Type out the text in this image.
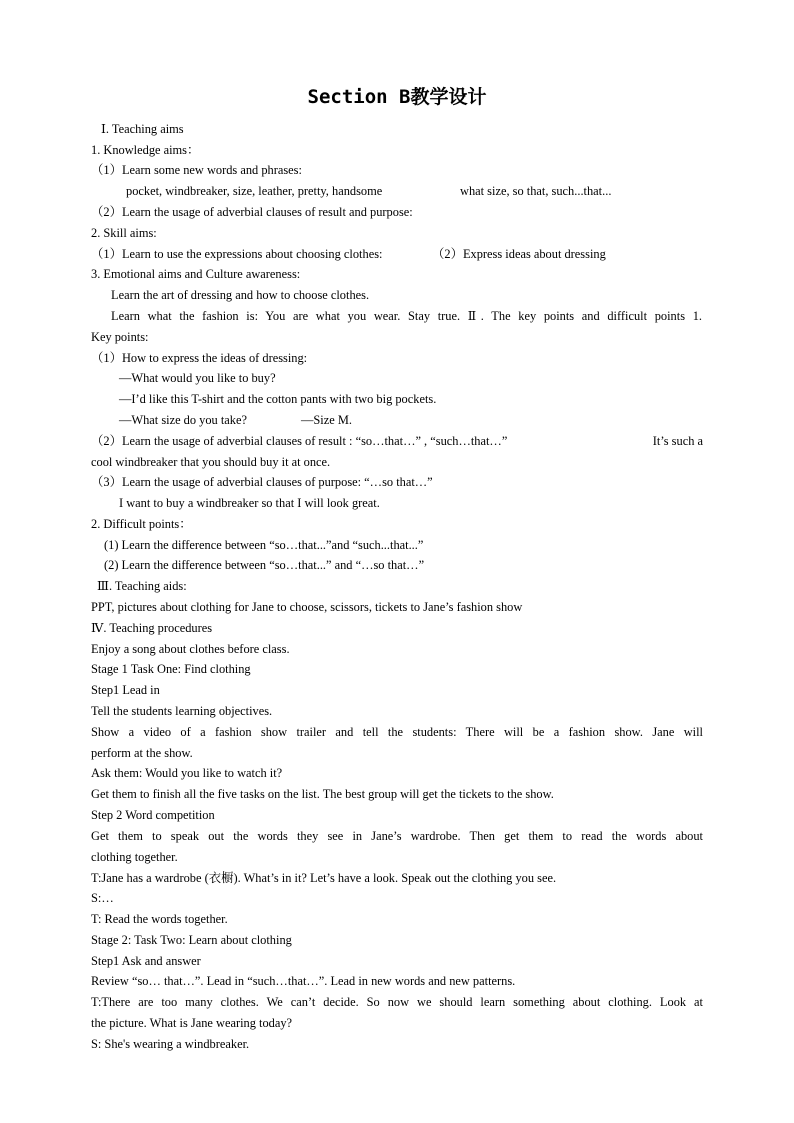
Section B教学设计
Ⅰ. Teaching aims
1. Knowledge aims：
（1）Learn some new words and phrases:
pocket, windbreaker, size, leather, pretty, handsome	what size, so that, such...that...
（2）Learn the usage of adverbial clauses of result and purpose:
2. Skill aims:
（1）Learn to use the expressions about choosing clothes:	（2）Express ideas about dressing
3. Emotional aims and Culture awareness:
Learn the art of dressing and how to choose clothes.
Learn what the fashion is: You are what you wear. Stay true. Ⅱ. The key points and difficult points 1.
Key points:
（1）How to express the ideas of dressing:
—What would you like to buy?
—I’d like this T-shirt and the cotton pants with two big pockets.
—What size do you take?	—Size M.
（2）Learn the usage of adverbial clauses of result : “so…that…” , “such…that…”	It’s such a
cool windbreaker that you should buy it at once.
（3）Learn the usage of adverbial clauses of purpose: “…so that…”
I want to buy a windbreaker so that I will look great.
2. Difficult points：
(1) Learn the difference between “so…that...”and “such...that...”
(2) Learn the difference between “so…that...” and “…so that…”
Ⅲ. Teaching aids:
PPT, pictures about clothing for Jane to choose, scissors, tickets to Jane’s fashion show
Ⅳ. Teaching procedures
Enjoy a song about clothes before class.
Stage 1 Task One: Find clothing
Step1 Lead in
Tell the students learning objectives.
Show a video of a fashion show trailer and tell the students: There will be a fashion show. Jane will
perform at the show.
Ask them: Would you like to watch it?
Get them to finish all the five tasks on the list. The best group will get the tickets to the show.
Step 2 Word competition
Get them to speak out the words they see in Jane’s wardrobe. Then get them to read the words about
clothing together.
T:Jane has a wardrobe (衣橱). What’s in it? Let’s have a look. Speak out the clothing you see.
S:…
T: Read the words together.
Stage 2: Task Two: Learn about clothing
Step1 Ask and answer
Review “so… that…”. Lead in “such…that…”. Lead in new words and new patterns.
T:There are too many clothes. We can’t decide. So now we should learn something about clothing. Look at
the picture. What is Jane wearing today?
S: She's wearing a windbreaker.
